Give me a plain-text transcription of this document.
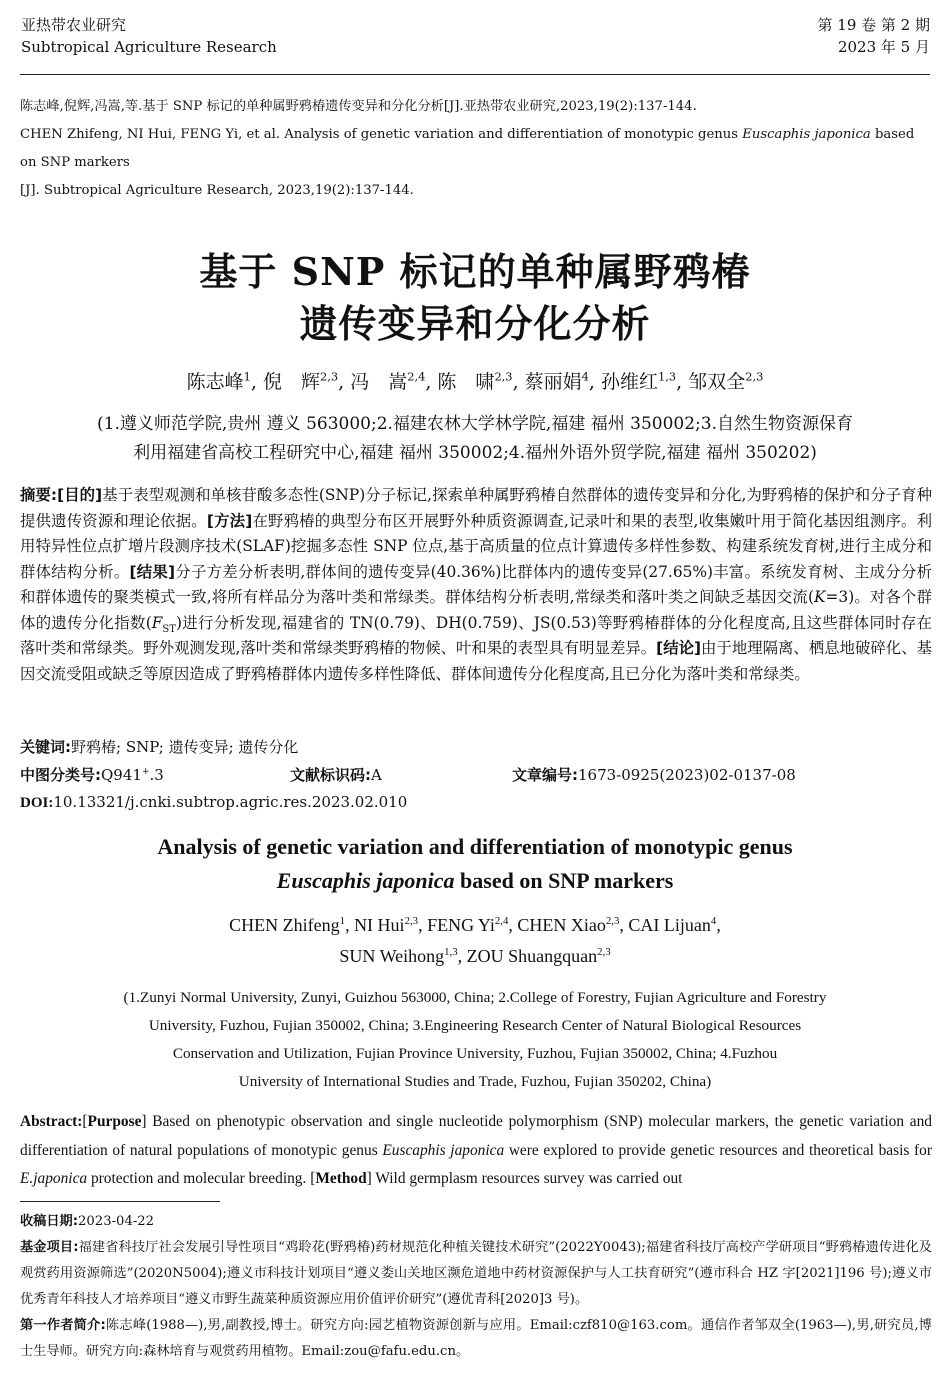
亚热带农业研究
Subtropical Agriculture Research
第 19 卷 第 2 期
2023 年 5 月

陈志峰,倪辉,冯嵩,等.基于 SNP 标记的单种属野鸦椿遗传变异和分化分析[J].亚热带农业研究,2023,19(2):137-144.

CHEN Zhifeng, NI Hui, FENG Yi, et al. Analysis of genetic variation and differentiation of monotypic genus Euscaphis japonica based on SNP markers

[J]. Subtropical Agriculture Research, 2023,19(2):137-144.

基于 SNP 标记的单种属野鸦椿
遗传变异和分化分析
陈志峰$^1$, 倪　辉$^{2,3}$, 冯　嵩$^{2,4}$, 陈　啸$^{2,3}$, 蔡丽娟$^4$, 孙维红$^{1,3}$, 邹双全$^{2,3}$
(1.遵义师范学院,贵州 遵义 563000;2.福建农林大学林学院,福建 福州 350002;3.自然生物资源保育
利用福建省高校工程研究中心,福建 福州 350002;4.福州外语外贸学院,福建 福州 350202)
摘要:[目的]基于表型观测和单核苷酸多态性(SNP)分子标记,探索单种属野鸦椿自然群体的遗传变异和分化,为野鸦椿的保护和分子育种提供遗传资源和理论依据。[方法]在野鸦椿的典型分布区开展野外种质资源调查,记录叶和果的表型,收集嫩叶用于简化基因组测序。利用特异性位点扩增片段测序技术(SLAF)挖掘多态性 SNP 位点,基于高质量的位点计算遗传多样性参数、构建系统发育树,进行主成分和群体结构分析。[结果]分子方差分析表明,群体间的遗传变异(40.36%)比群体内的遗传变异(27.65%)丰富。系统发育树、主成分分析和群体遗传的聚类模式一致,将所有样品分为落叶类和常绿类。群体结构分析表明,常绿类和落叶类之间缺乏基因交流(K=3)。对各个群体的遗传分化指数$(F_{ST})$进行分析发现,福建省的 TN(0.79)、DH(0.759)、JS(0.53)等野鸦椿群体的分化程度高,且这些群体同时存在落叶类和常绿类。野外观测发现,落叶类和常绿类野鸦椿的物候、叶和果的表型具有明显差异。[结论]由于地理隔离、栖息地破碎化、基因交流受阻或缺乏等原因造成了野鸦椿群体内遗传多样性降低、群体间遗传分化程度高,且已分化为落叶类和常绿类。
关键词:野鸦椿; SNP; 遗传变异; 遗传分化
中图分类号:Q941+.3	文献标识码:A	文章编号:1673-0925(2023)02-0137-08
DOI:10.13321/j.cnki.subtrop.agric.res.2023.02.010
Analysis of genetic variation and differentiation of monotypic genus
Euscaphis japonica based on SNP markers
CHEN Zhifeng$^1$, NI Hui$^{2,3}$, FENG Yi$^{2,4}$, CHEN Xiao$^{2,3}$, CAI Lijuan$^4$,
SUN Weihong$^{1,3}$, ZOU Shuangquan$^{2,3}$
(1.Zunyi Normal University, Zunyi, Guizhou 563000, China; 2.College of Forestry, Fujian Agriculture and Forestry
University, Fuzhou, Fujian 350002, China; 3.Engineering Research Center of Natural Biological Resources
Conservation and Utilization, Fujian Province University, Fuzhou, Fujian 350002, China; 4.Fuzhou
University of International Studies and Trade, Fuzhou, Fujian 350202, China)
Abstract:[Purpose] Based on phenotypic observation and single nucleotide polymorphism (SNP) molecular markers, the genetic variation and differentiation of natural populations of monotypic genus Euscaphis japonica were explored to provide genetic resources and theoretical basis for E.japonica protection and molecular breeding. [Method] Wild germplasm resources survey was carried out

收稿日期:2023-04-22

基金项目:福建省科技厅社会发展引导性项目“鸡聆花(野鸦椿)药材规范化种植关键技术研究”(2022Y0043);福建省科技厅高校产学研项目“野鸦椿遗传进化及观赏药用资源筛选”(2020N5004);遵义市科技计划项目“遵义娄山关地区濒危道地中药材资源保护与人工扶育研究”(遵市科合 HZ 字[2021]196 号);遵义市优秀青年科技人才培养项目“遵义市野生蔬菜种质资源应用价值评价研究”(遵优青科[2020]3 号)。

第一作者简介:陈志峰(1988—),男,副教授,博士。研究方向:园艺植物资源创新与应用。Email:czf810@163.com。通信作者邹双全(1963—),男,研究员,博士生导师。研究方向:森林培育与观赏药用植物。Email:zou@fafu.edu.cn。
